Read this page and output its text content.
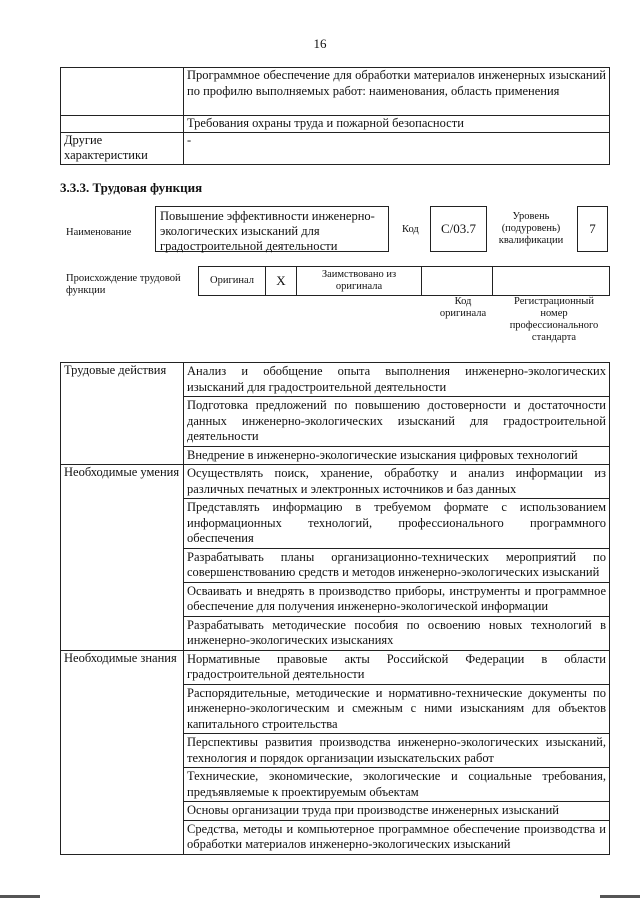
16
	Программное обеспечение для обработки материалов инженерных изысканий по профилю выполняемых работ: наименования, область применения
	Требования охраны труда и пожарной безопасности
Другие характеристики	-
3.3.3. Трудовая функция
Наименование
Повышение эффективности инженерно-экологических изысканий для градостроительной деятельности
Код C/03.7
Уровень (подуровень) квалификации
7
Происхождение трудовой функции
Оригинал	X	Заимствовано из оригинала		
Код оригинала
Регистрационный номер профессионального стандарта
Трудовые действия	Анализ и обобщение опыта выполнения инженерно-экологических изысканий для градостроительной деятельности
	Подготовка предложений по повышению достоверности и достаточности данных инженерно-экологических изысканий для градостроительной деятельности
	Внедрение в инженерно-экологические изыскания цифровых технологий
Необходимые умения	Осуществлять поиск, хранение, обработку и анализ информации из различных печатных и электронных источников и баз данных
	Представлять информацию в требуемом формате с использованием информационных технологий, профессионального программного обеспечения
	Разрабатывать планы организационно-технических мероприятий по совершенствованию средств и методов инженерно-экологических изысканий
	Осваивать и внедрять в производство приборы, инструменты и программное обеспечение для получения инженерно-экологической информации
	Разрабатывать методические пособия по освоению новых технологий в инженерно-экологических изысканиях
Необходимые знания	Нормативные правовые акты Российской Федерации в области градостроительной деятельности
	Распорядительные, методические и нормативно-технические документы по инженерно-экологическим и смежным с ними изысканиям для объектов капитального строительства
	Перспективы развития производства инженерно-экологических изысканий, технология и порядок организации изыскательских работ
	Технические, экономические, экологические и социальные требования, предъявляемые к проектируемым объектам
	Основы организации труда при производстве инженерных изысканий
	Средства, методы и компьютерное программное обеспечение производства и обработки материалов инженерно-экологических изысканий
